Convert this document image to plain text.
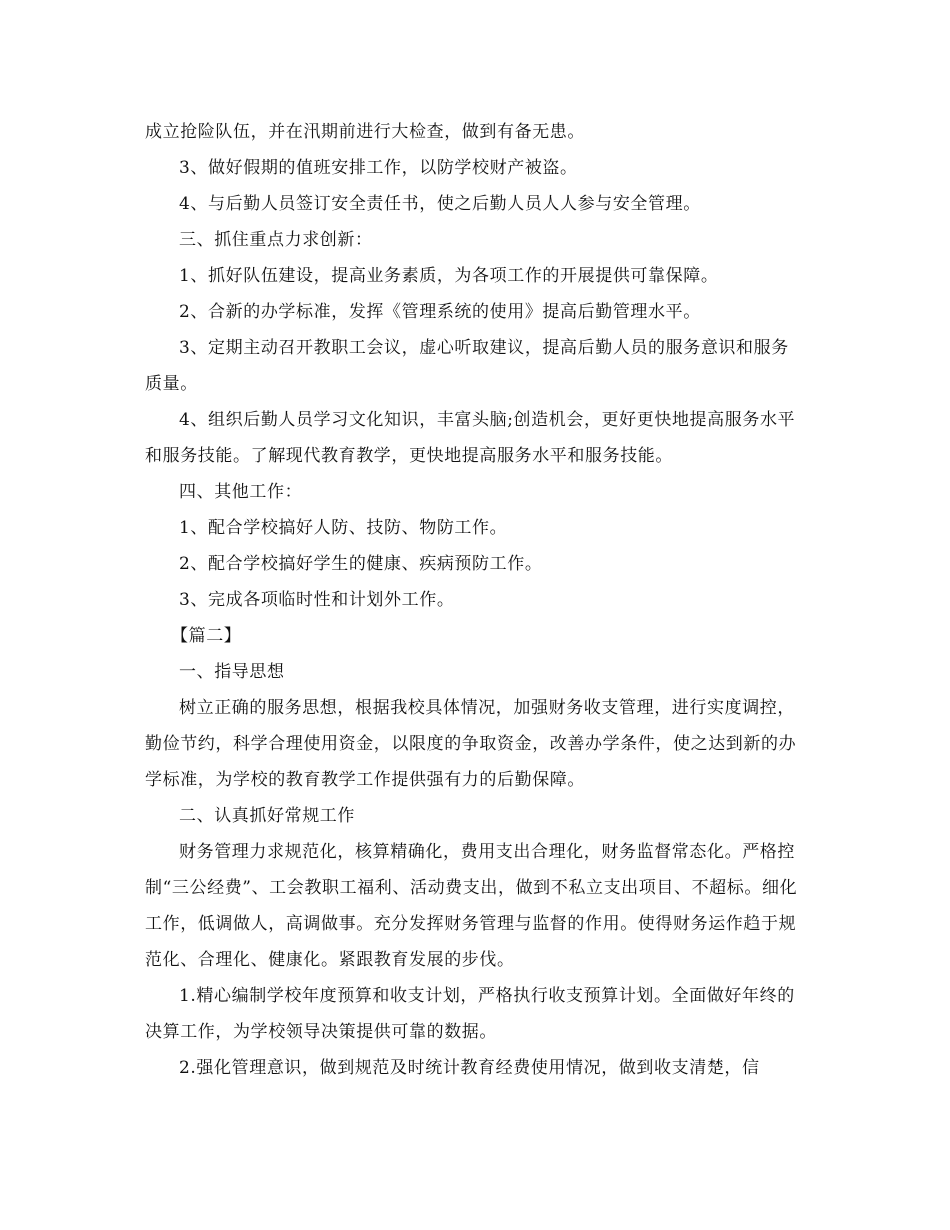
成立抢险队伍，并在汛期前进行大检查，做到有备无患。

3、做好假期的值班安排工作，以防学校财产被盗。

4、与后勤人员签订安全责任书，使之后勤人员人人参与安全管理。

三、抓住重点力求创新：

1、抓好队伍建设，提高业务素质，为各项工作的开展提供可靠保障。

2、合新的办学标准，发挥《管理系统的使用》提高后勤管理水平。

3、定期主动召开教职工会议，虚心听取建议，提高后勤人员的服务意识和服务质量。

4、组织后勤人员学习文化知识，丰富头脑;创造机会，更好更快地提高服务水平和服务技能。了解现代教育教学，更快地提高服务水平和服务技能。

四、其他工作：

1、配合学校搞好人防、技防、物防工作。

2、配合学校搞好学生的健康、疾病预防工作。

3、完成各项临时性和计划外工作。

【篇二】

一、指导思想

树立正确的服务思想，根据我校具体情况，加强财务收支管理，进行实度调控，勤俭节约，科学合理使用资金，以限度的争取资金，改善办学条件，使之达到新的办学标准，为学校的教育教学工作提供强有力的后勤保障。

二、认真抓好常规工作

财务管理力求规范化，核算精确化，费用支出合理化，财务监督常态化。严格控制“三公经费”、工会教职工福利、活动费支出，做到不私立支出项目、不超标。细化工作，低调做人，高调做事。充分发挥财务管理与监督的作用。使得财务运作趋于规范化、合理化、健康化。紧跟教育发展的步伐。

1.精心编制学校年度预算和收支计划，严格执行收支预算计划。全面做好年终的决算工作，为学校领导决策提供可靠的数据。

2.强化管理意识，做到规范及时统计教育经费使用情况，做到收支清楚，信
